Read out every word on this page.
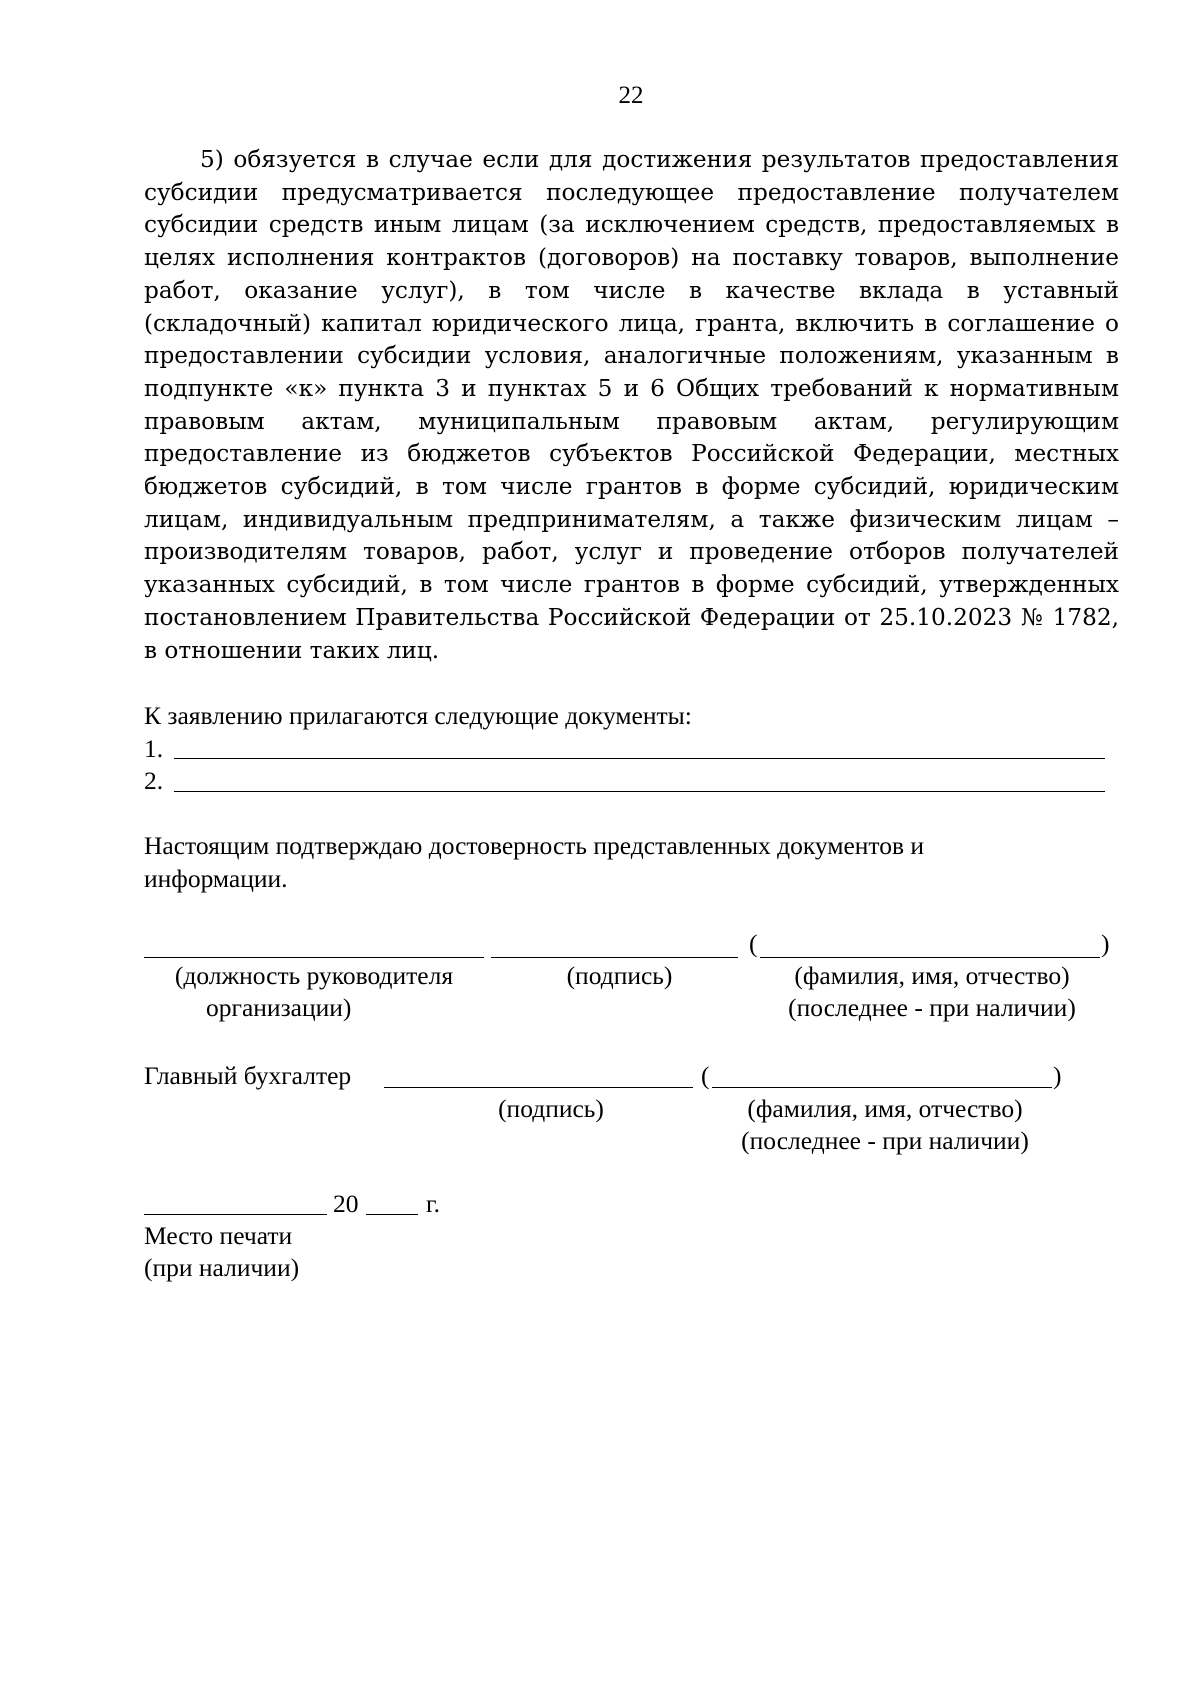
22

5) обязуется в случае если для достижения результатов предоставления субсидии предусматривается последующее предоставление получателем субсидии средств иным лицам (за исключением средств, предоставляемых в целях исполнения контрактов (договоров) на поставку товаров, выполнение работ, оказание услуг), в том числе в качестве вклада в уставный (складочный) капитал юридического лица, гранта, включить в соглашение о предоставлении субсидии условия, аналогичные положениям, указанным в подпункте «к» пункта 3 и пунктах 5 и 6 Общих требований к нормативным правовым актам, муниципальным правовым актам, регулирующим предоставление из бюджетов субъектов Российской Федерации, местных бюджетов субсидий, в том числе грантов в форме субсидий, юридическим лицам, индивидуальным предпринимателям, а также физическим лицам – производителям товаров, работ, услуг и проведение отборов получателей указанных субсидий, в том числе грантов в форме субсидий, утвержденных постановлением Правительства Российской Федерации от 25.10.2023 № 1782, в отношении таких лиц.

К заявлению прилагаются следующие документы:
1.
2.
Настоящим подтверждаю достоверность представленных документов и
информации.
(	)
(должность руководителя
организации)
(подпись)	(фамилия, имя, отчество)
(последнее - при наличии)
Главный бухгалтер	(	)
(подпись)	(фамилия, имя, отчество)
(последнее - при наличии)
20	г.
Место печати
(при наличии)
